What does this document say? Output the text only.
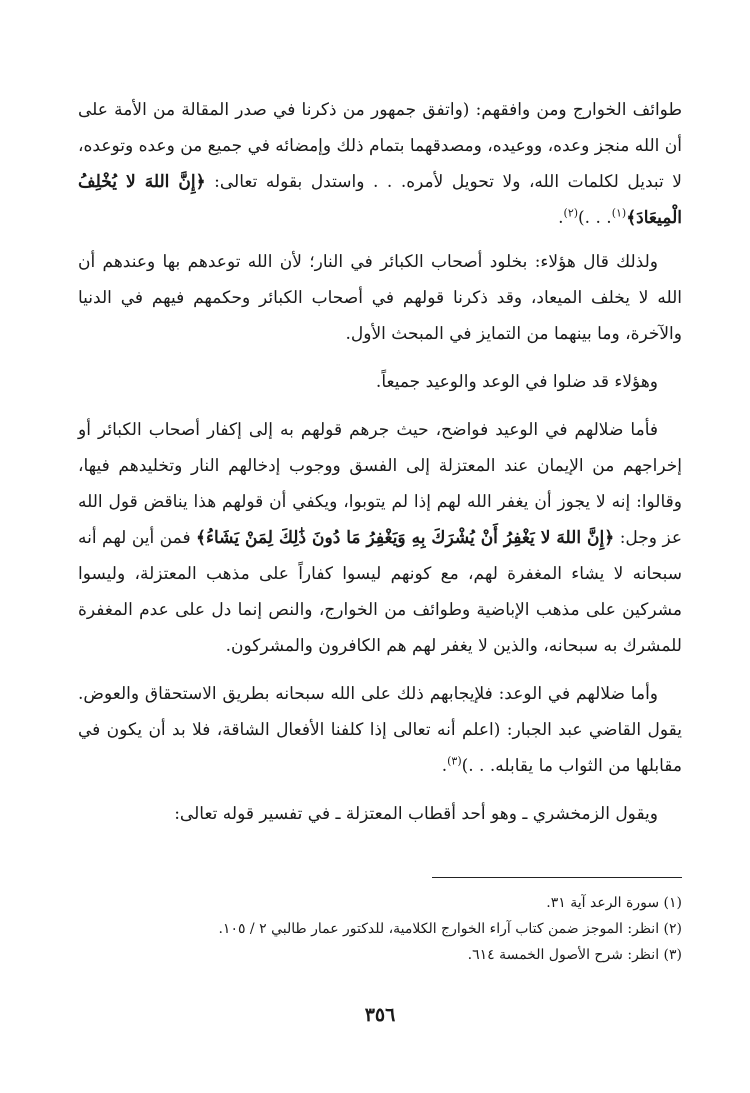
طوائف الخوارج ومن وافقهم: (واتفق جمهور من ذكرنا في صدر المقالة من الأمة على أن الله منجز وعده، ووعيده، ومصدقهما بتمام ذلك وإمضائه في جميع من وعده وتوعده، لا تبديل لكلمات الله، ولا تحويل لأمره. . . واستدل بقوله تعالى: ﴿إِنَّ اللهَ لا يُخْلِفُ الْمِيعَادَ﴾$^{(١)}$. . .)$^{(٢)}$.

ولذلك قال هؤلاء: بخلود أصحاب الكبائر في النار؛ لأن الله توعدهم بها وعندهم أن الله لا يخلف الميعاد، وقد ذكرنا قولهم في أصحاب الكبائر وحكمهم فيهم في الدنيا والآخرة، وما بينهما من التمايز في المبحث الأول.

وهؤلاء قد ضلوا في الوعد والوعيد جميعاً.

فأما ضلالهم في الوعيد فواضح، حيث جرهم قولهم به إلى إكفار أصحاب الكبائر أو إخراجهم من الإيمان عند المعتزلة إلى الفسق ووجوب إدخالهم النار وتخليدهم فيها، وقالوا: إنه لا يجوز أن يغفر الله لهم إذا لم يتوبوا، ويكفي أن قولهم هذا يناقض قول الله عز وجل: ﴿إِنَّ اللهَ لا يَغْفِرُ أَنْ يُشْرَكَ بِهِ وَيَغْفِرُ مَا دُونَ ذَٰلِكَ لِمَنْ يَشَاءُ﴾ فمن أين لهم أنه سبحانه لا يشاء المغفرة لهم، مع كونهم ليسوا كفاراً على مذهب المعتزلة، وليسوا مشركين على مذهب الإباضية وطوائف من الخوارج، والنص إنما دل على عدم المغفرة للمشرك به سبحانه، والذين لا يغفر لهم هم الكافرون والمشركون.

وأما ضلالهم في الوعد: فلإيجابهم ذلك على الله سبحانه بطريق الاستحقاق والعوض. يقول القاضي عبد الجبار: (اعلم أنه تعالى إذا كلفنا الأفعال الشاقة، فلا بد أن يكون في مقابلها من الثواب ما يقابله. . .)$^{(٣)}$.

ويقول الزمخشري ـ وهو أحد أقطاب المعتزلة ـ في تفسير قوله تعالى:

(١) سورة الرعد آية ٣١.

(٢) انظر: الموجز ضمن كتاب آراء الخوارج الكلامية، للدكتور عمار طالبي ٢ / ١٠٥.

(٣) انظر: شرح الأصول الخمسة ٦١٤.

٣٥٦
